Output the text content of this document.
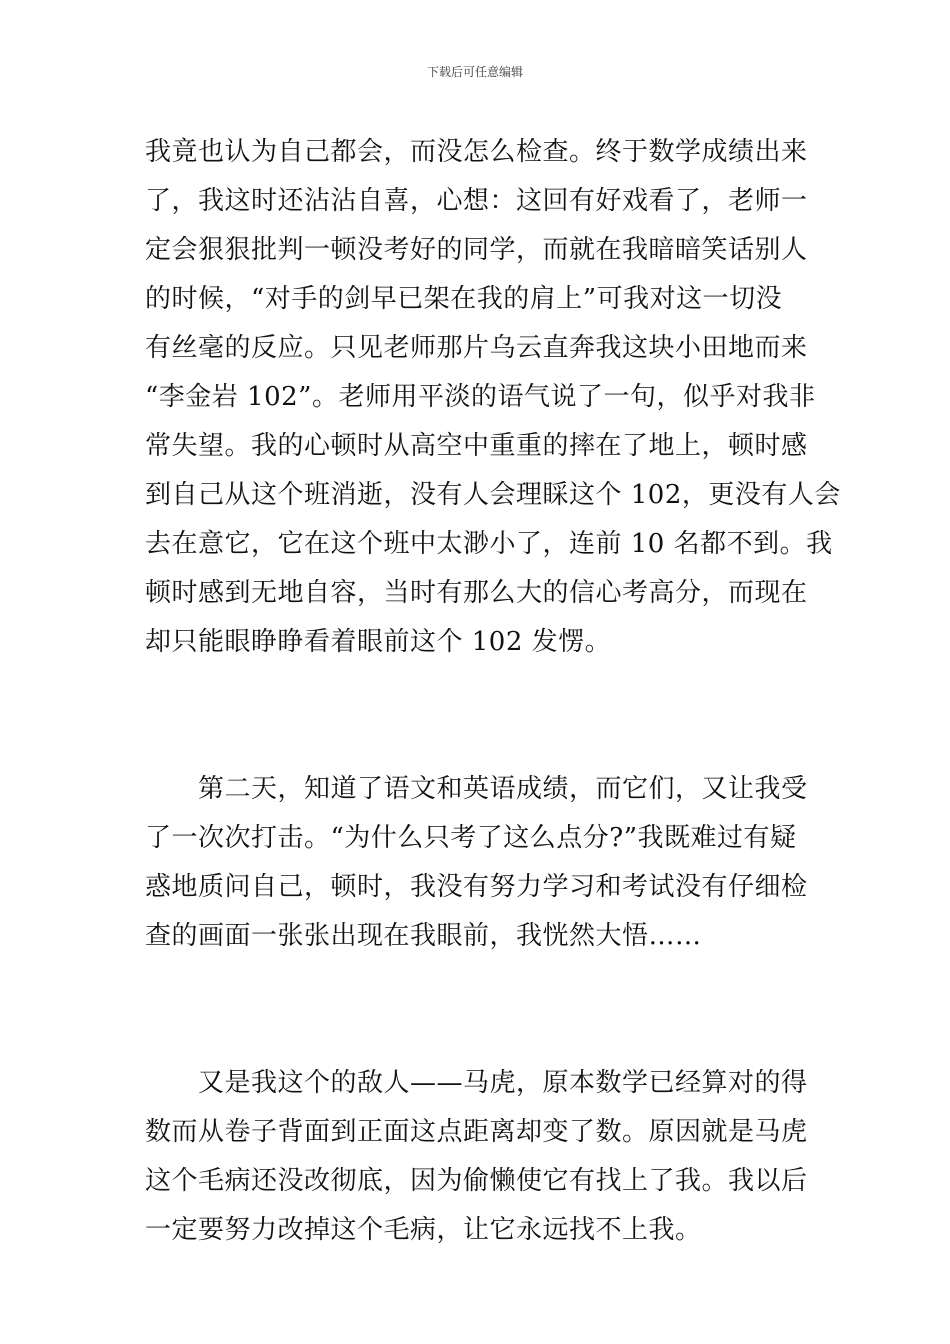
下载后可任意编辑
我竟也认为自己都会，而没怎么检查。终于数学成绩出来
了，我这时还沾沾自喜，心想：这回有好戏看了，老师一
定会狠狠批判一顿没考好的同学，而就在我暗暗笑话别人
的时候，“对手的剑早已架在我的肩上”可我对这一切没
有丝毫的反应。只见老师那片乌云直奔我这块小田地而来
“李金岩 102”。老师用平淡的语气说了一句，似乎对我非
常失望。我的心顿时从高空中重重的摔在了地上，顿时感
到自己从这个班消逝，没有人会理睬这个 102，更没有人会
去在意它，它在这个班中太渺小了，连前 10 名都不到。我
顿时感到无地自容，当时有那么大的信心考高分，而现在
却只能眼睁睁看着眼前这个 102 发愣。
　　第二天，知道了语文和英语成绩，而它们，又让我受
了一次次打击。“为什么只考了这么点分?”我既难过有疑
惑地质问自己，顿时，我没有努力学习和考试没有仔细检
查的画面一张张出现在我眼前，我恍然大悟……
　　又是我这个的敌人——马虎，原本数学已经算对的得
数而从卷子背面到正面这点距离却变了数。原因就是马虎
这个毛病还没改彻底，因为偷懒使它有找上了我。我以后
一定要努力改掉这个毛病，让它永远找不上我。
